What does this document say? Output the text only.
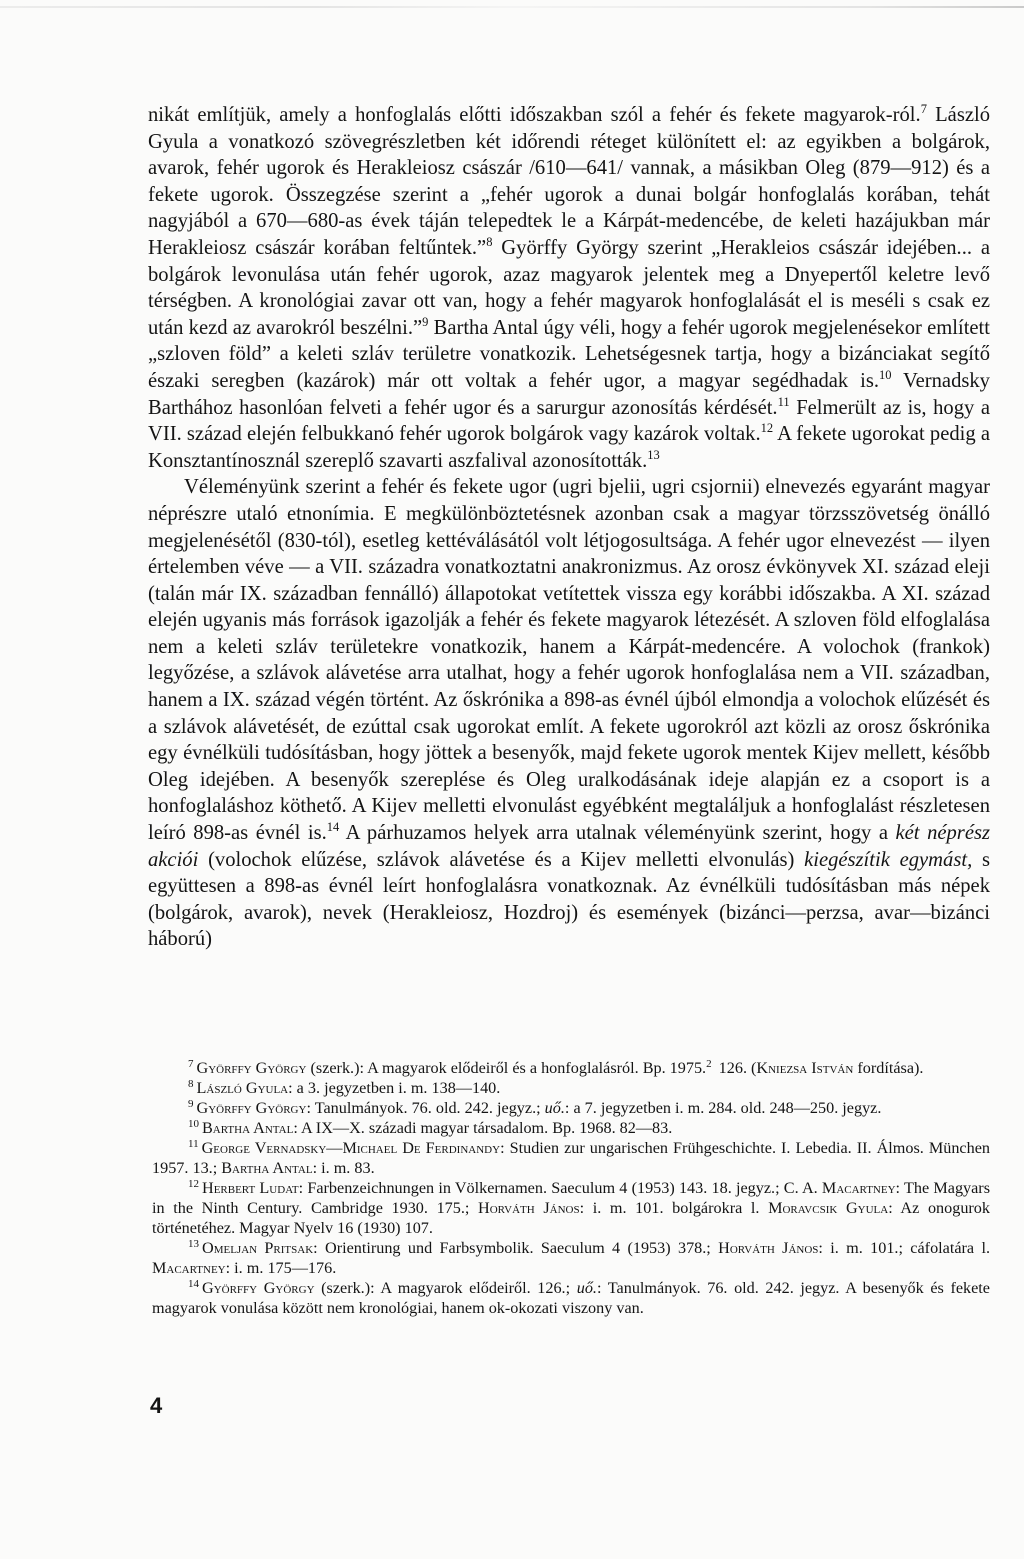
nikát említjük, amely a honfoglalás előtti időszakban szól a fehér és fekete magyarok-ról.$^7$ László Gyula a vonatkozó szövegrészletben két időrendi réteget különített el: az egyikben a bolgárok, avarok, fehér ugorok és Herakleiosz császár /610—641/ vannak, a másikban Oleg (879—912) és a fekete ugorok. Összegzése szerint a „fehér ugorok a dunai bolgár honfoglalás korában, tehát nagyjából a 670—680-as évek táján telepedtek le a Kárpát-medencébe, de keleti hazájukban már Herakleiosz császár korában feltűntek.”$^8$ Györffy György szerint „Herakleios császár idejében... a bolgárok levonulása után fehér ugorok, azaz magyarok jelentek meg a Dnyepertől keletre levő térségben. A kronológiai zavar ott van, hogy a fehér magyarok honfoglalását el is meséli s csak ez után kezd az avarokról beszélni.”$^9$ Bartha Antal úgy véli, hogy a fehér ugorok megjelenésekor említett „szloven föld” a keleti szláv területre vonatkozik. Lehetségesnek tartja, hogy a bizánciakat segítő északi seregben (kazárok) már ott voltak a fehér ugor, a magyar segédhadak is.$^{10}$ Vernadsky Barthához hasonlóan felveti a fehér ugor és a sarurgur azonosítás kérdését.$^{11}$ Felmerült az is, hogy a VII. század elején felbukkanó fehér ugorok bolgárok vagy kazárok voltak.$^{12}$ A fekete ugorokat pedig a Konsztantínosznál szereplő szavarti aszfalival azonosították.$^{13}$

Véleményünk szerint a fehér és fekete ugor (ugri bjelii, ugri csjornii) elnevezés egyaránt magyar néprészre utaló etnonímia. E megkülönböztetésnek azonban csak a magyar törzsszövetség önálló megjelenésétől (830-tól), esetleg kettéválásától volt létjogosultsága. A fehér ugor elnevezést — ilyen értelemben véve — a VII. századra vonatkoztatni anakronizmus. Az orosz évkönyvek XI. század eleji (talán már IX. században fennálló) állapotokat vetítettek vissza egy korábbi időszakba. A XI. század elején ugyanis más források igazolják a fehér és fekete magyarok létezését. A szloven föld elfoglalása nem a keleti szláv területekre vonatkozik, hanem a Kárpát-medencére. A volochok (frankok) legyőzése, a szlávok alávetése arra utalhat, hogy a fehér ugorok honfoglalása nem a VII. században, hanem a IX. század végén történt. Az őskrónika a 898-as évnél újból elmondja a volochok elűzését és a szlávok alávetését, de ezúttal csak ugorokat említ. A fekete ugorokról azt közli az orosz őskrónika egy évnélküli tudósításban, hogy jöttek a besenyők, majd fekete ugorok mentek Kijev mellett, később Oleg idejében. A besenyők szereplése és Oleg uralkodásának ideje alapján ez a csoport is a honfoglaláshoz köthető. A Kijev melletti elvonulást egyébként megtaláljuk a honfoglalást részletesen leíró 898-as évnél is.$^{14}$ A párhuzamos helyek arra utalnak véleményünk szerint, hogy a két néprész akciói (volochok elűzése, szlávok alávetése és a Kijev melletti elvonulás) kiegészítik egymást, s együttesen a 898-as évnél leírt honfoglalásra vonatkoznak. Az évnélküli tudósításban más népek (bolgárok, avarok), nevek (Herakleiosz, Hozdroj) és események (bizánci—perzsa, avar—bizánci háború)

$^7$ Györffy György (szerk.): A magyarok elődeiről és a honfoglalásról. Bp. 1975.$^2$ 126. (Kniezsa István fordítása).

$^8$ László Gyula: a 3. jegyzetben i. m. 138—140.

$^9$ Györffy György: Tanulmányok. 76. old. 242. jegyz.; uő.: a 7. jegyzetben i. m. 284. old. 248—250. jegyz.

$^{10}$ Bartha Antal: A IX—X. századi magyar társadalom. Bp. 1968. 82—83.

$^{11}$ George Vernadsky—Michael De Ferdinandy: Studien zur ungarischen Frühgeschichte. I. Lebedia. II. Álmos. München 1957. 13.; Bartha Antal: i. m. 83.

$^{12}$ Herbert Ludat: Farbenzeichnungen in Völkernamen. Saeculum 4 (1953) 143. 18. jegyz.; C. A. Macartney: The Magyars in the Ninth Century. Cambridge 1930. 175.; Horváth János: i. m. 101. bolgárokra l. Moravcsik Gyula: Az onogurok történetéhez. Magyar Nyelv 16 (1930) 107.

$^{13}$ Omeljan Pritsak: Orientirung und Farbsymbolik. Saeculum 4 (1953) 378.; Horváth János: i. m. 101.; cáfolatára l. Macartney: i. m. 175—176.

$^{14}$ Györffy György (szerk.): A magyarok elődeiről. 126.; uő.: Tanulmányok. 76. old. 242. jegyz. A besenyők és fekete magyarok vonulása között nem kronológiai, hanem ok-okozati viszony van.

4
